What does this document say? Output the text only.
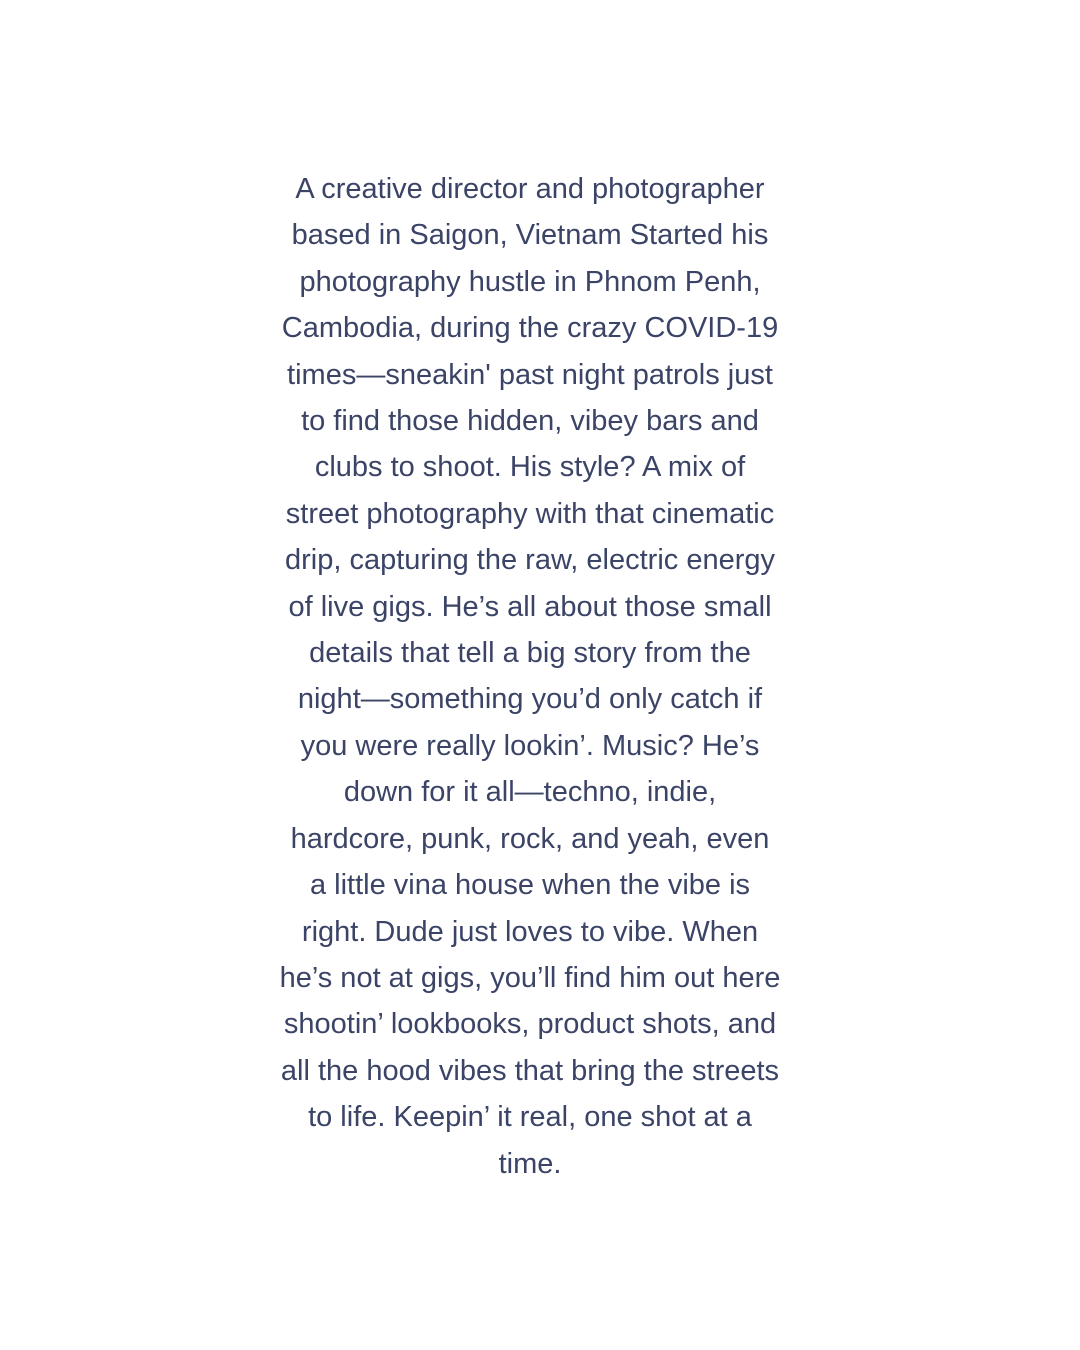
A creative director and photographer
based in Saigon, Vietnam Started his
photography hustle in Phnom Penh,
Cambodia, during the crazy COVID-19
times—sneakin' past night patrols just
to find those hidden, vibey bars and
clubs to shoot. His style? A mix of
street photography with that cinematic
drip, capturing the raw, electric energy
of live gigs. He’s all about those small
details that tell a big story from the
night—something you’d only catch if
you were really lookin’. Music? He’s
down for it all—techno, indie,
hardcore, punk, rock, and yeah, even
a little vina house when the vibe is
right. Dude just loves to vibe. When
he’s not at gigs, you’ll find him out here
shootin’ lookbooks, product shots, and
all the hood vibes that bring the streets
to life. Keepin’ it real, one shot at a
time.
